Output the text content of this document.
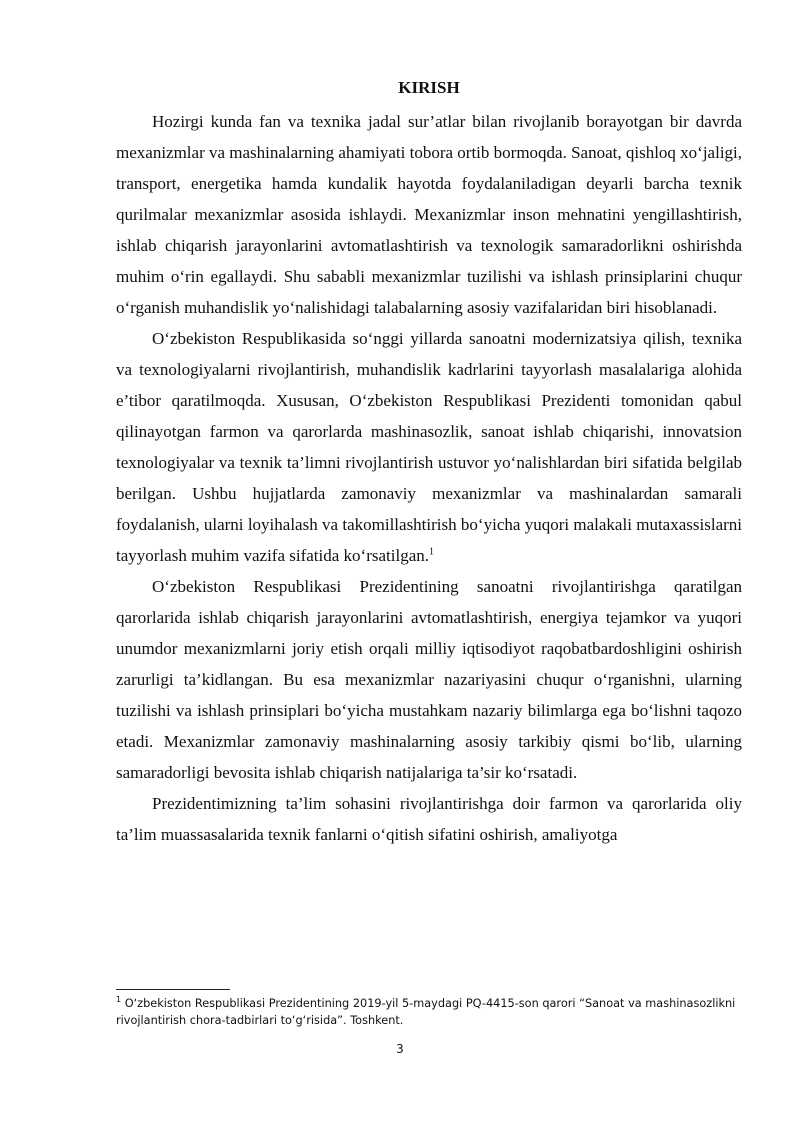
KIRISH

Hozirgi kunda fan va texnika jadal sur’atlar bilan rivojlanib borayotgan bir davrda mexanizmlar va mashinalarning ahamiyati tobora ortib bormoqda. Sanoat, qishloq xo‘jaligi, transport, energetika hamda kundalik hayotda foydalaniladigan deyarli barcha texnik qurilmalar mexanizmlar asosida ishlaydi. Mexanizmlar inson mehnatini yengillashtirish, ishlab chiqarish jarayonlarini avtomatlashtirish va texnologik samaradorlikni oshirishda muhim o‘rin egallaydi. Shu sababli mexanizmlar tuzilishi va ishlash prinsiplarini chuqur o‘rganish muhandislik yo‘nalishidagi talabalarning asosiy vazifalaridan biri hisoblanadi.

O‘zbekiston Respublikasida so‘nggi yillarda sanoatni modernizatsiya qilish, texnika va texnologiyalarni rivojlantirish, muhandislik kadrlarini tayyorlash masalalariga alohida e’tibor qaratilmoqda. Xususan, O‘zbekiston Respublikasi Prezidenti tomonidan qabul qilinayotgan farmon va qarorlarda mashinasozlik, sanoat ishlab chiqarishi, innovatsion texnologiyalar va texnik ta’limni rivojlantirish ustuvor yo‘nalishlardan biri sifatida belgilab berilgan. Ushbu hujjatlarda zamonaviy mexanizmlar va mashinalardan samarali foydalanish, ularni loyihalash va takomillashtirish bo‘yicha yuqori malakali mutaxassislarni tayyorlash muhim vazifa sifatida ko‘rsatilgan.$^1$

O‘zbekiston Respublikasi Prezidentining sanoatni rivojlantirishga qaratilgan qarorlarida ishlab chiqarish jarayonlarini avtomatlashtirish, energiya tejamkor va yuqori unumdor mexanizmlarni joriy etish orqali milliy iqtisodiyot raqobatbardoshligini oshirish zarurligi ta’kidlangan. Bu esa mexanizmlar nazariyasini chuqur o‘rganishni, ularning tuzilishi va ishlash prinsiplari bo‘yicha mustahkam nazariy bilimlarga ega bo‘lishni taqozo etadi. Mexanizmlar zamonaviy mashinalarning asosiy tarkibiy qismi bo‘lib, ularning samaradorligi bevosita ishlab chiqarish natijalariga ta’sir ko‘rsatadi.

Prezidentimizning ta’lim sohasini rivojlantirishga doir farmon va qarorlarida oliy ta’lim muassasalarida texnik fanlarni o‘qitish sifatini oshirish, amaliyotga

$^1$ O‘zbekiston Respublikasi Prezidentining 2019-yil 5-maydagi PQ-4415-son qarori “Sanoat va mashinasozlikni rivojlantirish chora-tadbirlari to‘g‘risida”. Toshkent.

3
